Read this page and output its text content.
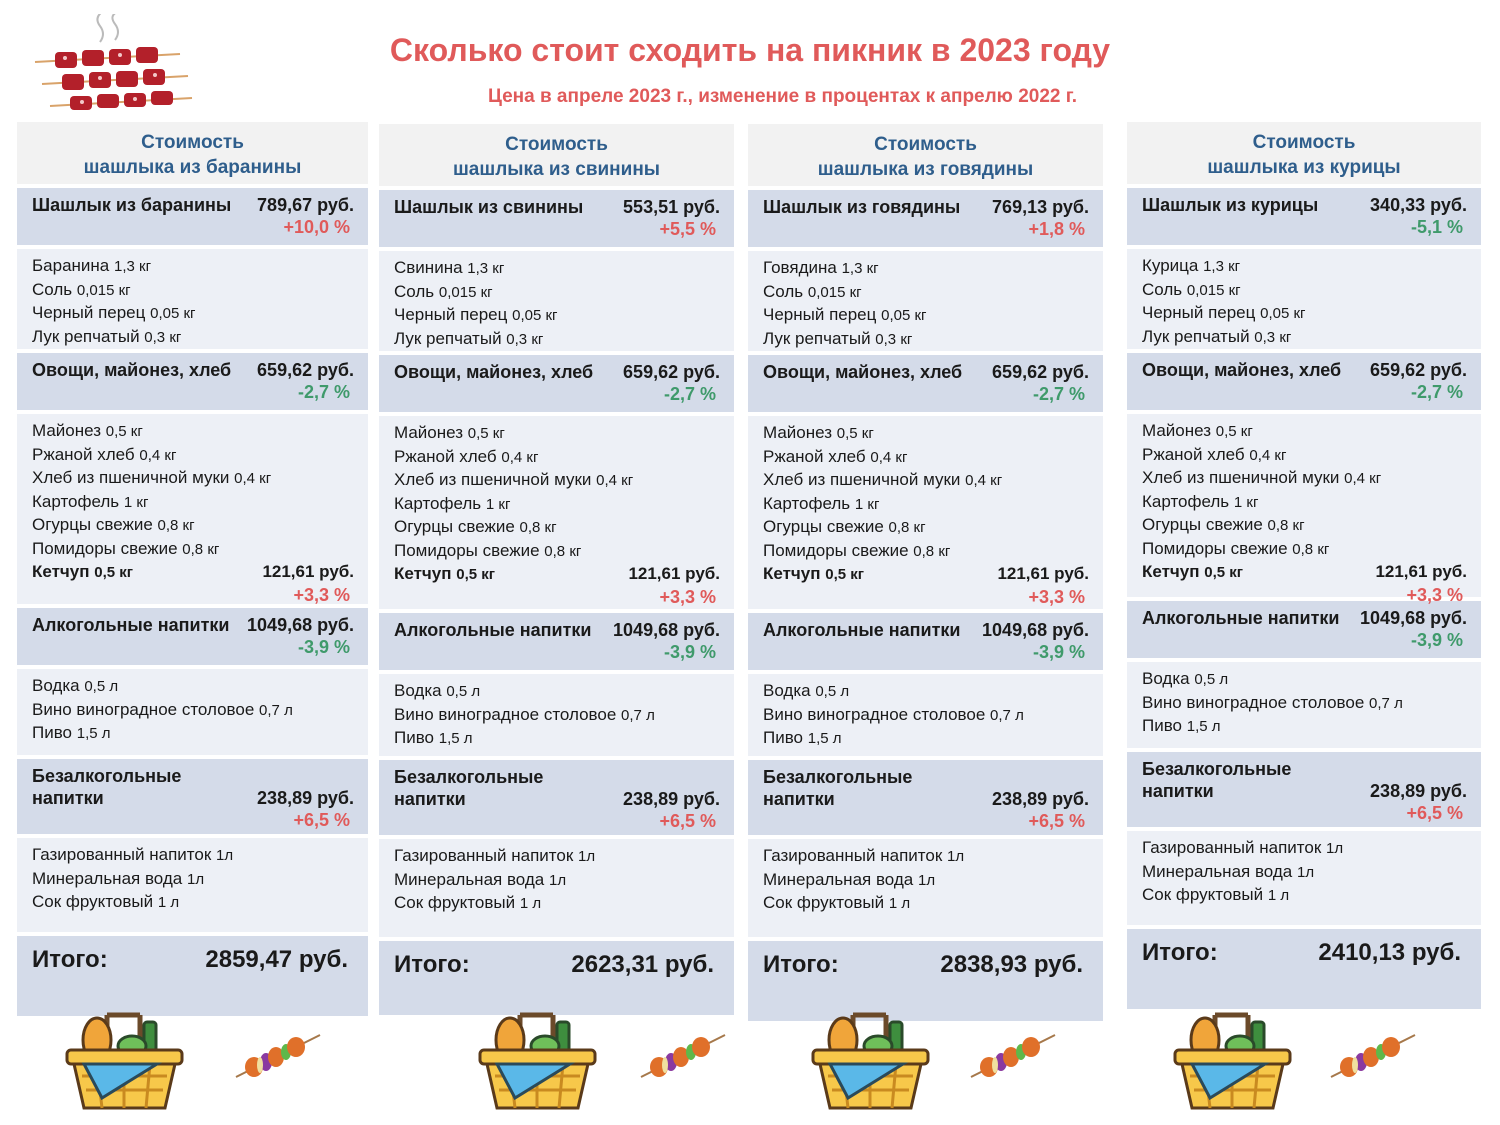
Сколько стоит сходить на пикник в 2023 году
Цена в апреле 2023 г., изменение в процентах к апрелю 2022 г.
Стоимость
шашлыка из баранины
Шашлык из баранины	789,67 руб.
+10,0 %
Баранина 1,3 кг
Соль 0,015 кг
Черный перец 0,05 кг
Лук репчатый 0,3 кг
Овощи, майонез, хлеб	659,62 руб.
-2,7 %
Майонез 0,5 кг
Ржаной хлеб 0,4 кг
Хлеб из пшеничной муки 0,4 кг
Картофель 1 кг
Огурцы свежие 0,8 кг
Помидоры свежие 0,8 кг
Кетчуп 0,5 кг	121,61 руб.
+3,3 %
Алкогольные напитки 1049,68 руб.
-3,9 %
Водка 0,5 л
Вино виноградное столовое 0,7 л
Пиво 1,5 л
Безалкогольные напитки	238,89 руб.
+6,5 %
Газированный напиток 1л
Минеральная вода 1л
Сок фруктовый 1 л
Итого:	2859,47 руб.
Стоимость
шашлыка из свинины
Шашлык из свинины	553,51 руб.
+5,5 %
Свинина 1,3 кг
Соль 0,015 кг
Черный перец 0,05 кг
Лук репчатый 0,3 кг
Овощи, майонез, хлеб	659,62 руб.
-2,7 %
Майонез 0,5 кг
Ржаной хлеб 0,4 кг
Хлеб из пшеничной муки 0,4 кг
Картофель 1 кг
Огурцы свежие 0,8 кг
Помидоры свежие 0,8 кг
Кетчуп 0,5 кг	121,61 руб.
+3,3 %
Алкогольные напитки	1049,68 руб.
-3,9 %
Водка 0,5 л
Вино виноградное столовое 0,7 л
Пиво 1,5 л
Безалкогольные напитки	238,89 руб.
+6,5 %
Газированный напиток 1л
Минеральная вода 1л
Сок фруктовый 1 л
Итого:	2623,31 руб.
Стоимость
шашлыка из говядины
Шашлык из говядины	769,13 руб.
+1,8 %
Говядина 1,3 кг
Соль 0,015 кг
Черный перец 0,05 кг
Лук репчатый 0,3 кг
Овощи, майонез, хлеб	659,62 руб.
-2,7 %
Майонез 0,5 кг
Ржаной хлеб 0,4 кг
Хлеб из пшеничной муки 0,4 кг
Картофель 1 кг
Огурцы свежие 0,8 кг
Помидоры свежие 0,8 кг
Кетчуп 0,5 кг	121,61 руб.
+3,3 %
Алкогольные напитки	1049,68 руб.
-3,9 %
Водка 0,5 л
Вино виноградное столовое 0,7 л
Пиво 1,5 л
Безалкогольные напитки	238,89 руб.
+6,5 %
Газированный напиток 1л
Минеральная вода 1л
Сок фруктовый 1 л
Итого:	2838,93 руб.
Стоимость
шашлыка из курицы
Шашлык из курицы	340,33 руб.
-5,1 %
Курица 1,3 кг
Соль 0,015 кг
Черный перец 0,05 кг
Лук репчатый 0,3 кг
Овощи, майонез, хлеб	659,62 руб.
-2,7 %
Майонез 0,5 кг
Ржаной хлеб 0,4 кг
Хлеб из пшеничной муки 0,4 кг
Картофель 1 кг
Огурцы свежие 0,8 кг
Помидоры свежие 0,8 кг
Кетчуп 0,5 кг	121,61 руб.
+3,3 %
Алкогольные напитки	1049,68 руб.
-3,9 %
Водка 0,5 л
Вино виноградное столовое 0,7 л
Пиво 1,5 л
Безалкогольные напитки	238,89 руб.
+6,5 %
Газированный напиток 1л
Минеральная вода 1л
Сок фруктовый 1 л
Итого:	2410,13 руб.
